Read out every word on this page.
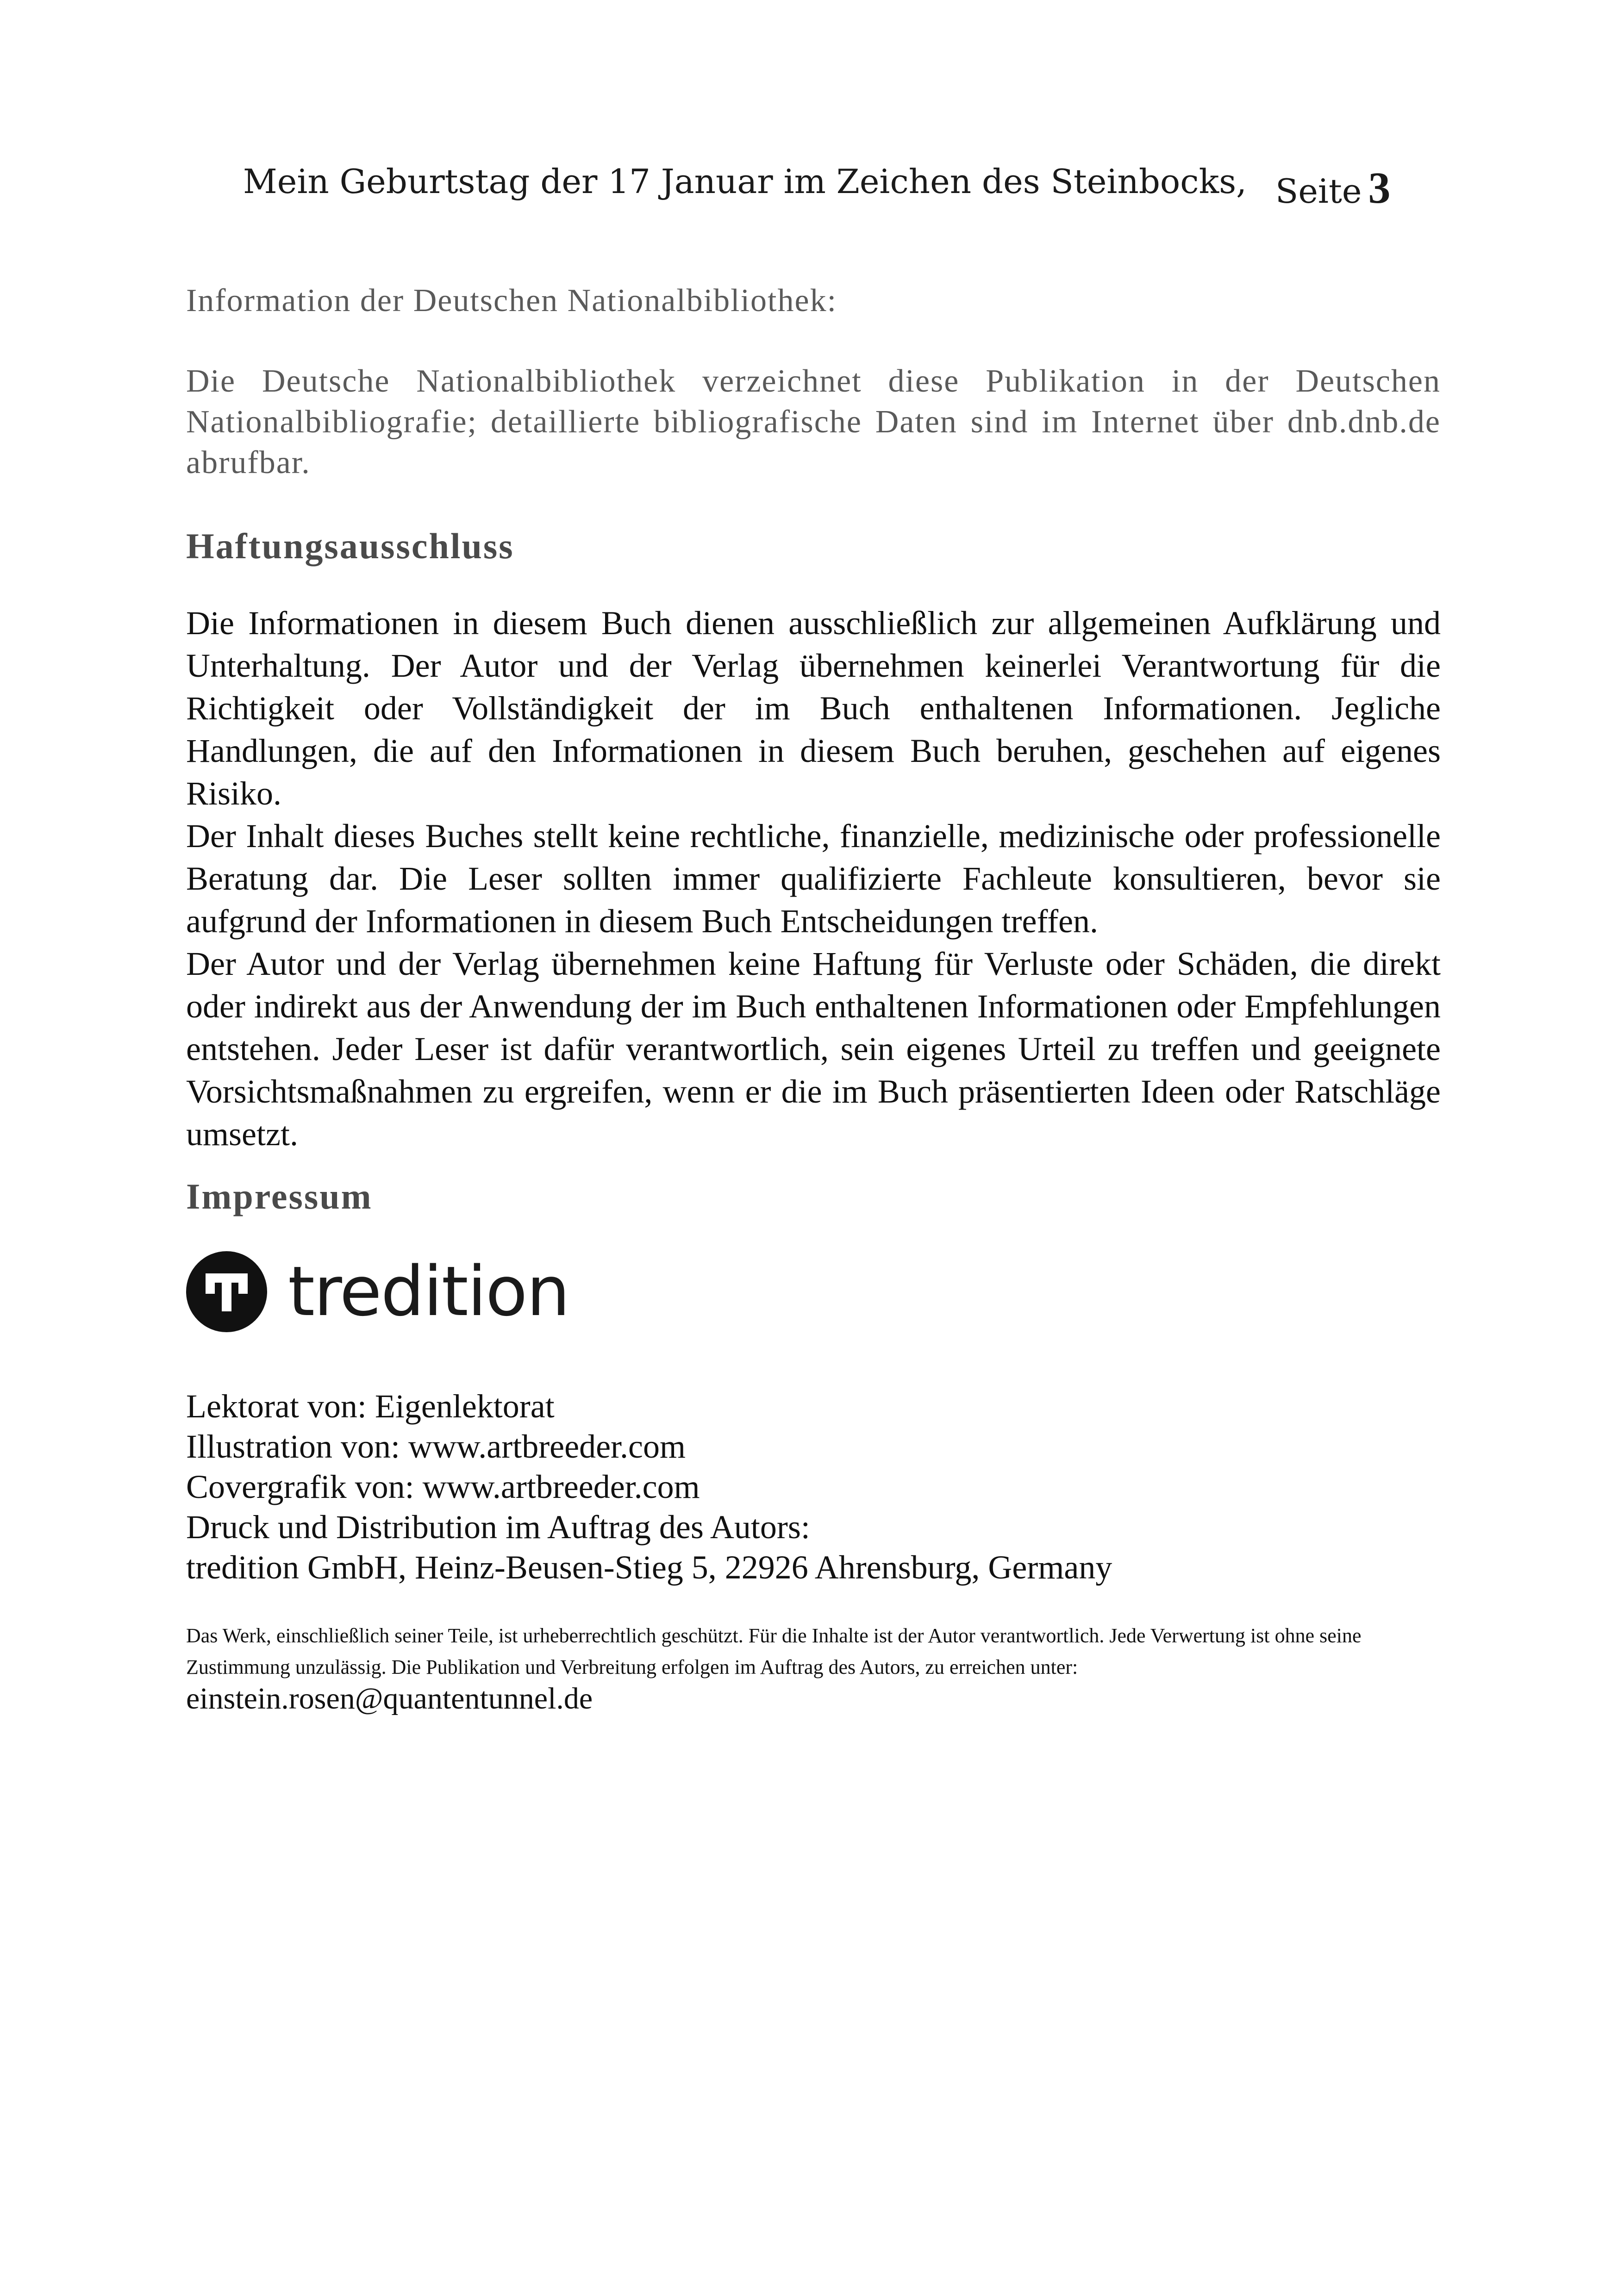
Mein Geburtstag der 17 Januar im Zeichen des Steinbocks, Seite 3
Information der Deutschen Nationalbibliothek:
Die Deutsche Nationalbibliothek verzeichnet diese Publikation in der Deutschen Nationalbibliografie; detaillierte bibliografische Daten sind im Internet über dnb.dnb.de abrufbar.
Haftungsausschluss

Die Informationen in diesem Buch dienen ausschließlich zur allgemeinen Aufklärung und Unterhaltung. Der Autor und der Verlag übernehmen keinerlei Verantwortung für die Richtigkeit oder Vollständigkeit der im Buch enthaltenen Informationen. Jegliche Handlungen, die auf den Informationen in diesem Buch beruhen, geschehen auf eigenes Risiko.

Der Inhalt dieses Buches stellt keine rechtliche, finanzielle, medizinische oder professionelle Beratung dar. Die Leser sollten immer qualifizierte Fachleute konsultieren, bevor sie aufgrund der Informationen in diesem Buch Entscheidungen treffen.

Der Autor und der Verlag übernehmen keine Haftung für Verluste oder Schäden, die direkt oder indirekt aus der Anwendung der im Buch enthaltenen Informationen oder Empfehlungen entstehen. Jeder Leser ist dafür verantwortlich, sein eigenes Urteil zu treffen und geeignete Vorsichtsmaßnahmen zu ergreifen, wenn er die im Buch präsentierten Ideen oder Ratschläge umsetzt.

Impressum
tredition
Lektorat von: Eigenlektorat
Illustration von: www.artbreeder.com
Covergrafik von: www.artbreeder.com
Druck und Distribution im Auftrag des Autors:
tredition GmbH, Heinz-Beusen-Stieg 5, 22926 Ahrensburg, Germany
Das Werk, einschließlich seiner Teile, ist urheberrechtlich geschützt. Für die Inhalte ist der Autor verantwortlich. Jede Verwertung ist ohne seine Zustimmung unzulässig. Die Publikation und Verbreitung erfolgen im Auftrag des Autors, zu erreichen unter: einstein.rosen@quantentunnel.de
